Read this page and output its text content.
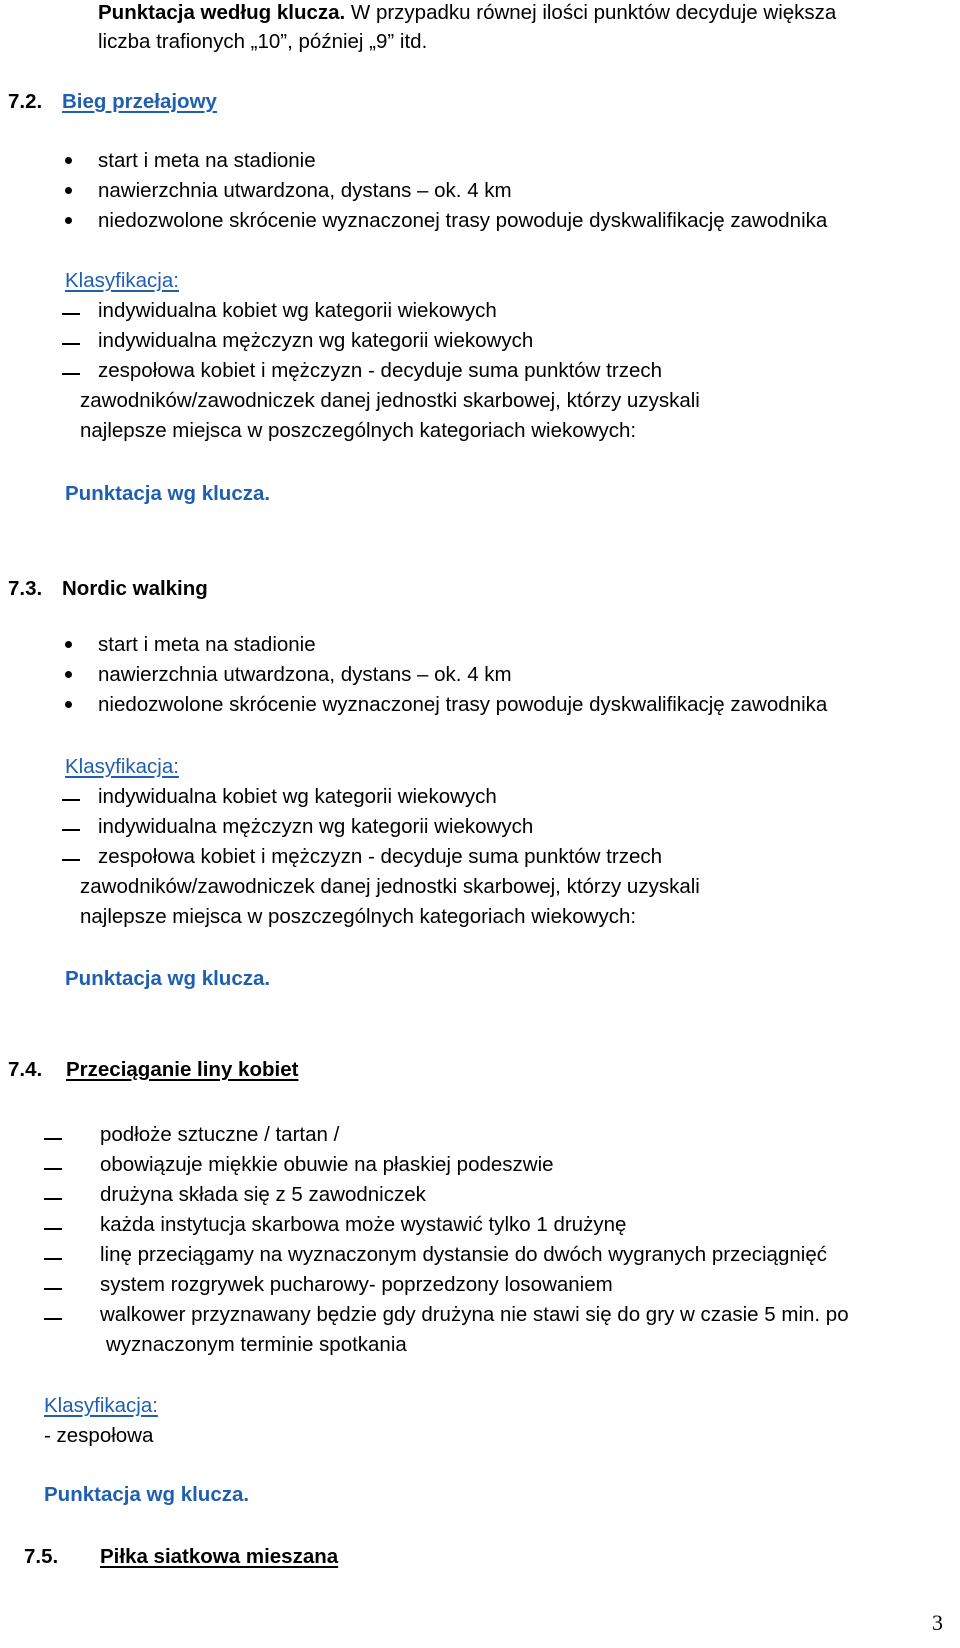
Punktacja według klucza. W przypadku równej ilości punktów decyduje większa
liczba trafionych „10”, później „9” itd.
7.2. Bieg przełajowy
start i meta na stadionie
nawierzchnia utwardzona, dystans – ok. 4 km
niedozwolone skrócenie wyznaczonej trasy powoduje dyskwalifikację zawodnika
Klasyfikacja:
indywidualna kobiet wg kategorii wiekowych
indywidualna mężczyzn wg kategorii wiekowych
zespołowa kobiet i mężczyzn - decyduje suma punktów trzech
zawodników/zawodniczek danej jednostki skarbowej, którzy uzyskali
najlepsze miejsca w poszczególnych kategoriach wiekowych:
Punktacja wg klucza.
7.3. Nordic walking
start i meta na stadionie
nawierzchnia utwardzona, dystans – ok. 4 km
niedozwolone skrócenie wyznaczonej trasy powoduje dyskwalifikację zawodnika
Klasyfikacja:
indywidualna kobiet wg kategorii wiekowych
indywidualna mężczyzn wg kategorii wiekowych
zespołowa kobiet i mężczyzn - decyduje suma punktów trzech
zawodników/zawodniczek danej jednostki skarbowej, którzy uzyskali
najlepsze miejsca w poszczególnych kategoriach wiekowych:
Punktacja wg klucza.
7.4. Przeciąganie liny kobiet
podłoże sztuczne / tartan /
obowiązuje miękkie obuwie na płaskiej podeszwie
drużyna składa się z 5 zawodniczek
każda instytucja skarbowa może wystawić tylko 1 drużynę
linę przeciągamy na wyznaczonym dystansie do dwóch wygranych przeciągnięć
system rozgrywek pucharowy- poprzedzony losowaniem
walkower przyznawany będzie gdy drużyna nie stawi się do gry w czasie 5 min. po
wyznaczonym terminie spotkania
Klasyfikacja:
- zespołowa
Punktacja wg klucza.
7.5. Piłka siatkowa mieszana
3
